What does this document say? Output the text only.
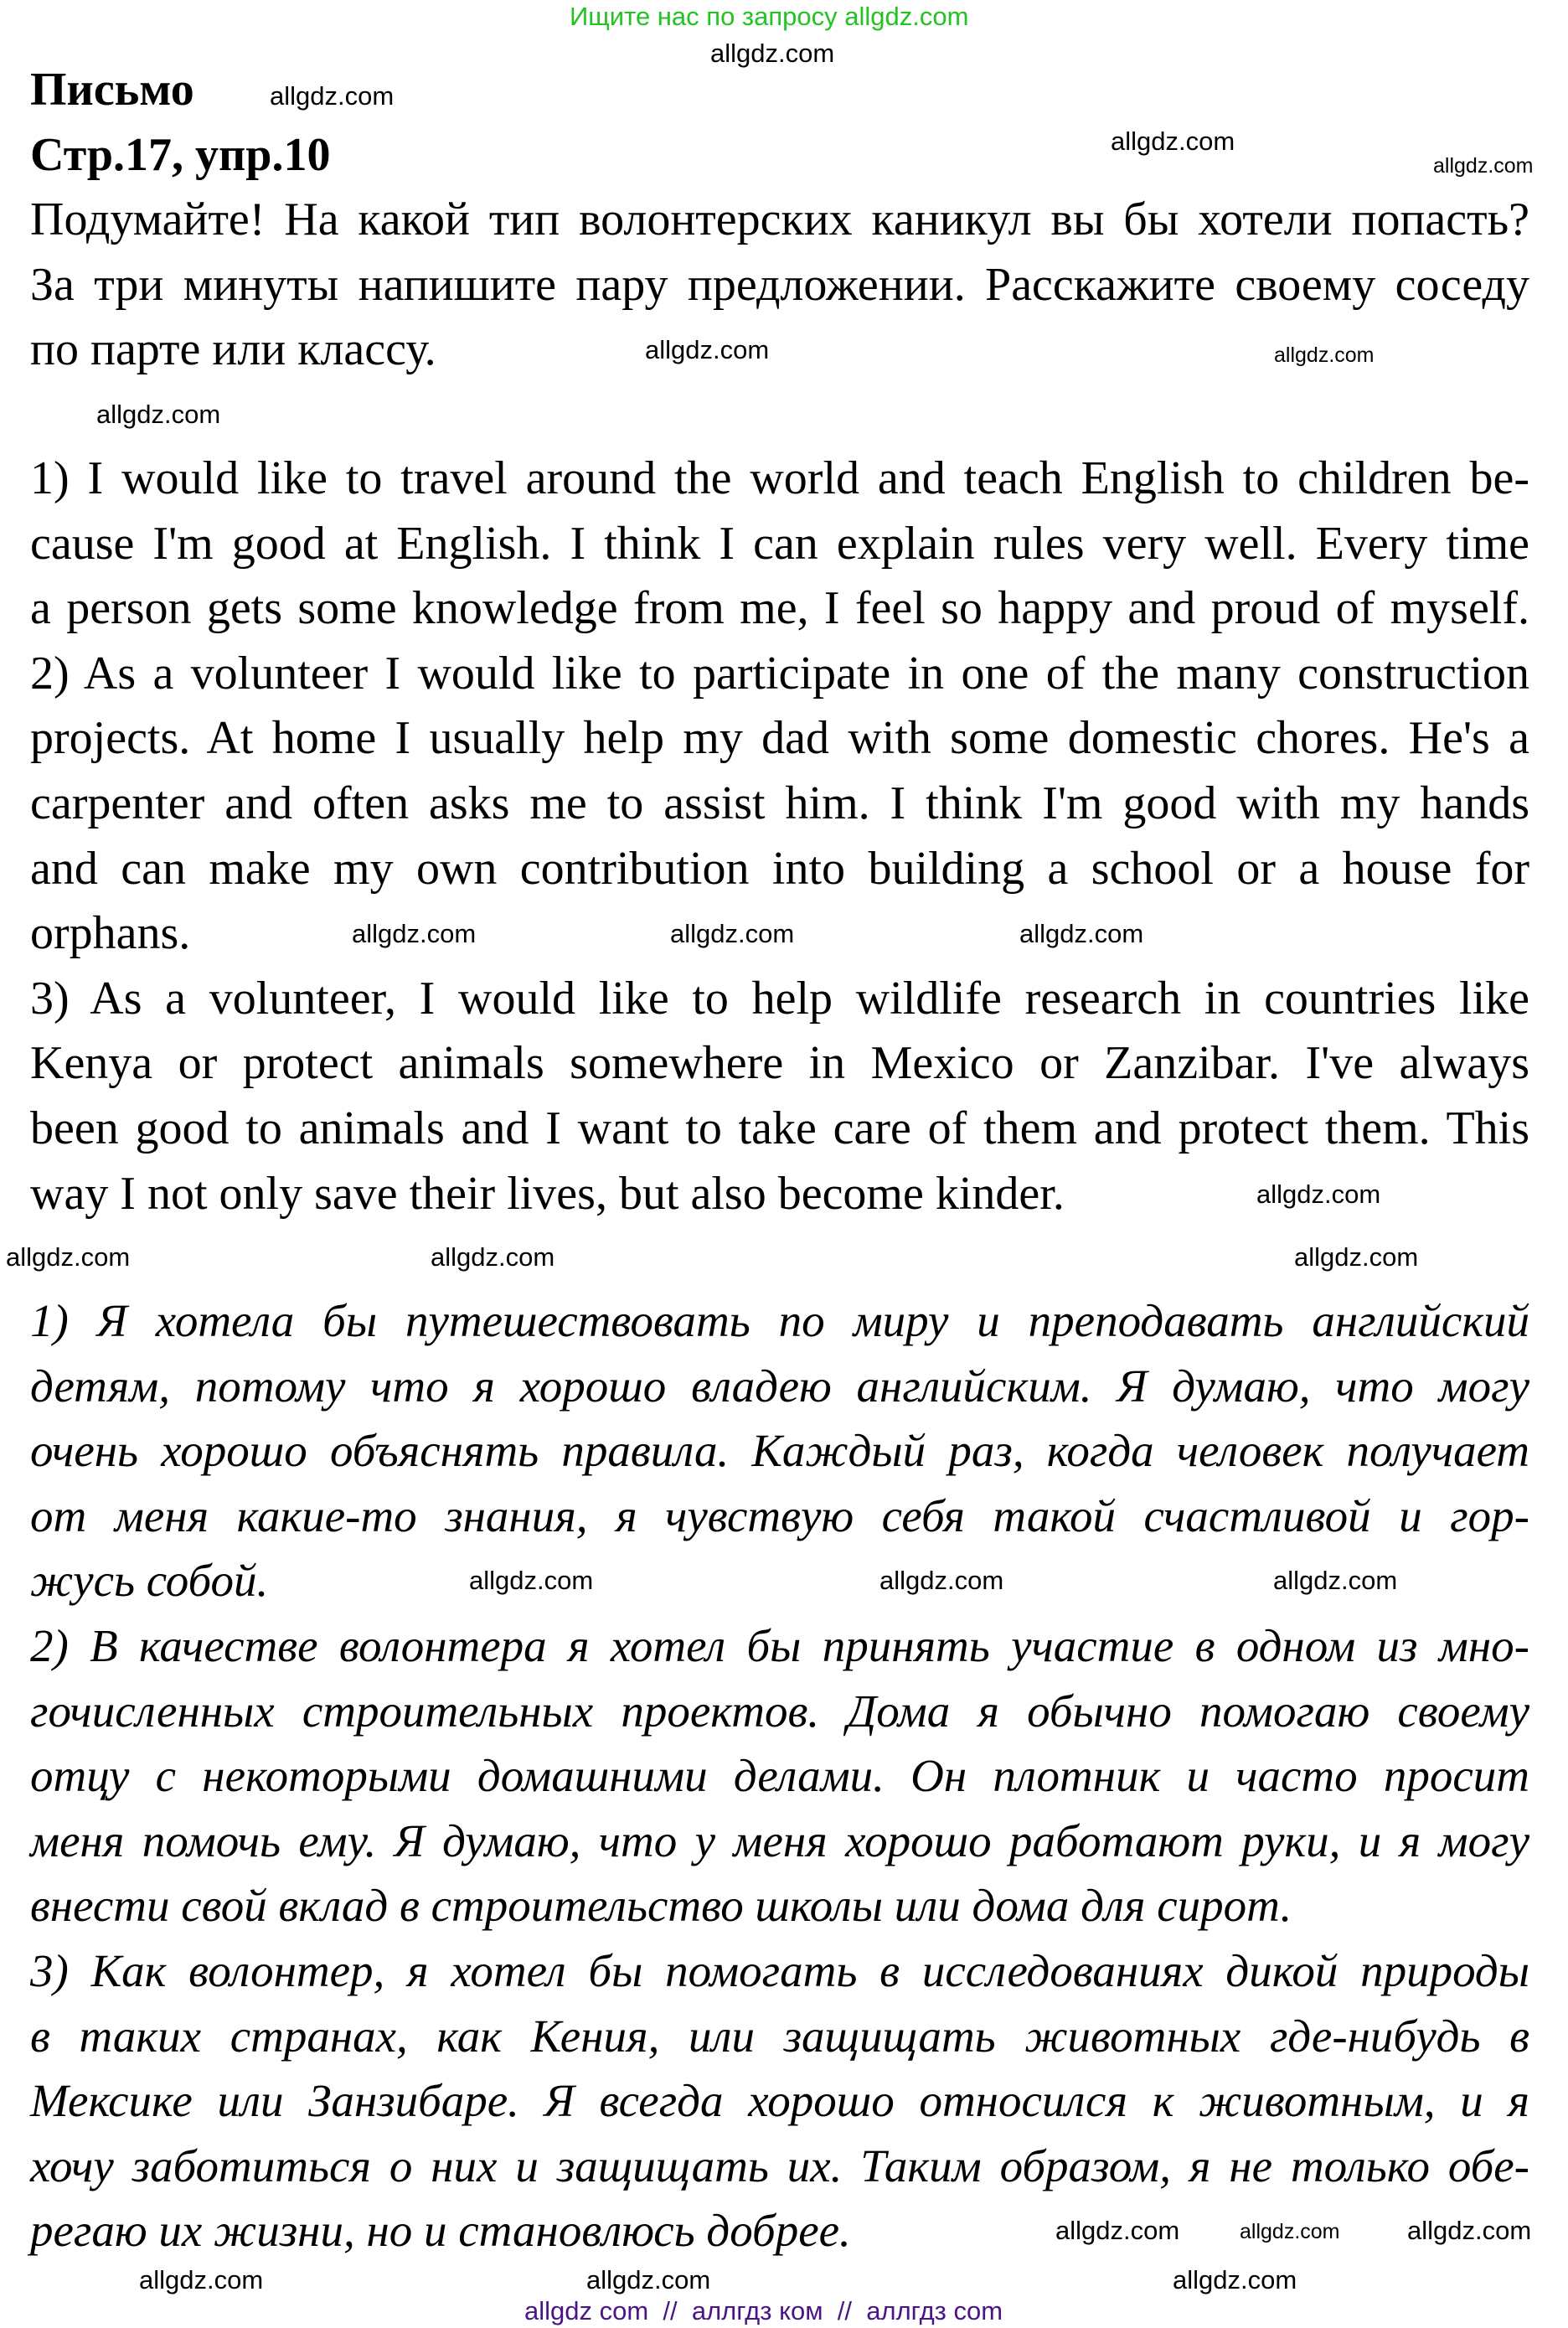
Ищите нас по запросу allgdz.com
Письмо
Стр.17, упр.10
Подумайте! На какой тип волонтерских каникул вы бы хотели попасть?
За три минуты напишите пару предложении. Расскажите своему соседу
по парте или классу.
1) I would like to travel around the world and teach English to children be-
cause I'm good at English. I think I can explain rules very well. Every time
a person gets some knowledge from me, I feel so happy and proud of myself.
2) As a volunteer I would like to participate in one of the many construction
projects. At home I usually help my dad with some domestic chores. He's a
carpenter and often asks me to assist him. I think I'm good with my hands
and can make my own contribution into building a school or a house for
orphans.
3) As a volunteer, I would like to help wildlife research in countries like
Kenya or protect animals somewhere in Mexico or Zanzibar. I've always
been good to animals and I want to take care of them and protect them. This
way I not only save their lives, but also become kinder.
1) Я хотела бы путешествовать по миру и преподавать английский
детям, потому что я хорошо владею английским. Я думаю, что могу
очень хорошо объяснять правила. Каждый раз, когда человек получает
от меня какие-то знания, я чувствую себя такой счастливой и гор-
жусь собой.
2) В качестве волонтера я хотел бы принять участие в одном из мно-
гочисленных строительных проектов. Дома я обычно помогаю своему
отцу с некоторыми домашними делами. Он плотник и часто просит
меня помочь ему. Я думаю, что у меня хорошо работают руки, и я могу
внести свой вклад в строительство школы или дома для сирот.
3) Как волонтер, я хотел бы помогать в исследованиях дикой природы
в таких странах, как Кения, или защищать животных где-нибудь в
Мексике или Занзибаре. Я всегда хорошо относился к животным, и я
хочу заботиться о них и защищать их. Таким образом, я не только обе-
регаю их жизни, но и становлюсь добрее.
allgdz.com
allgdz.com
allgdz.com
allgdz.com
allgdz.com	allgdz.com
allgdz.com
allgdz.com
allgdz.com	allgdz.com
allgdz.com
allgdz.com
allgdz.com	allgdz.com
allgdz.com
allgdz.com
allgdz.com
allgdz.com	allgdz.com
allgdz.com
allgdz.com
allgdz.com
allgdz.com
allgdz com  //  аллгдз ком  //  аллгдз com
